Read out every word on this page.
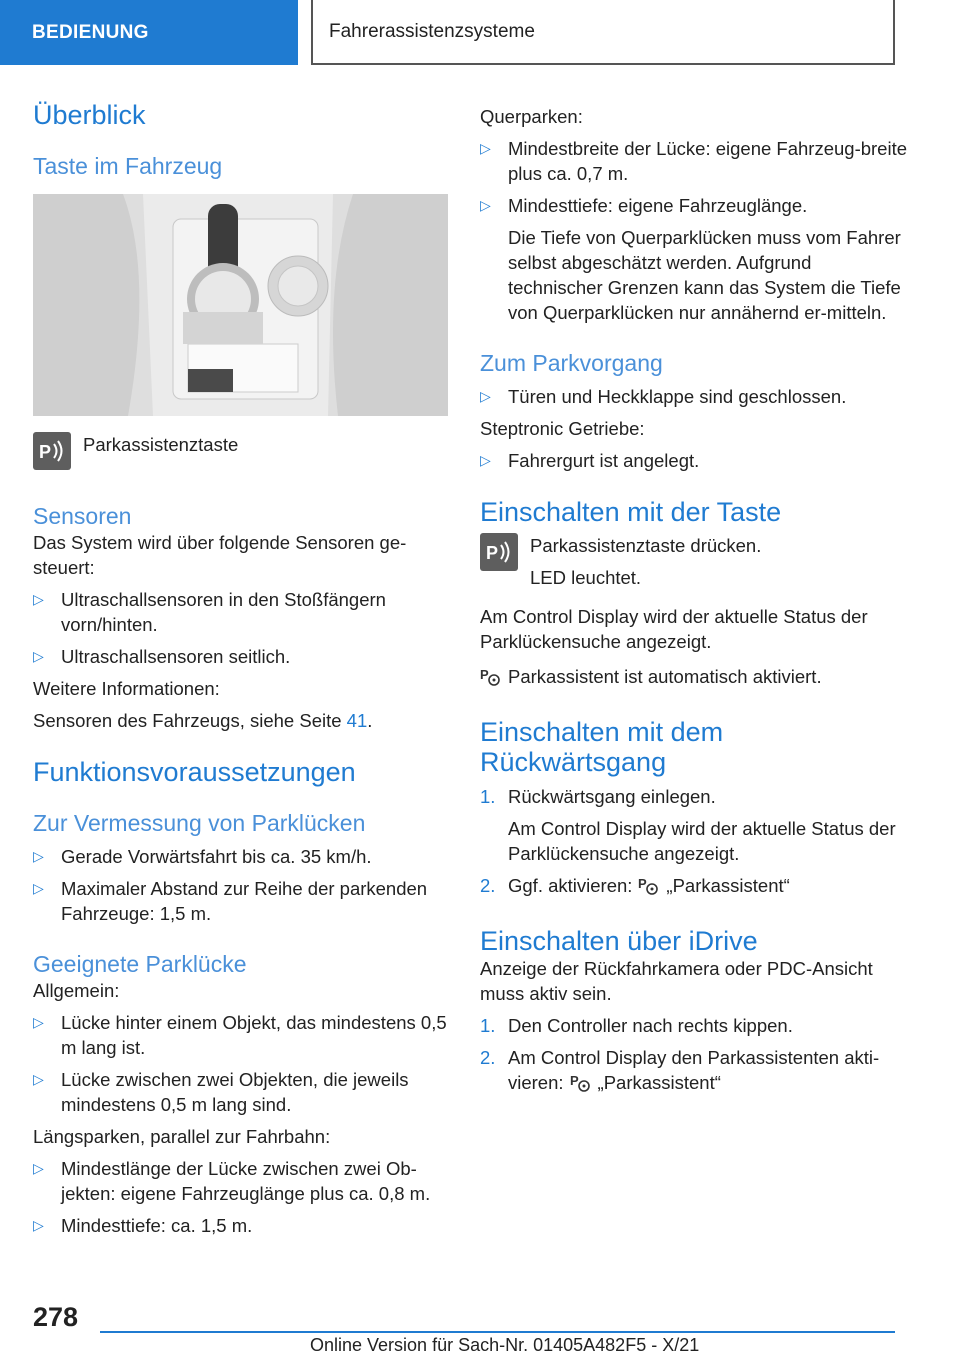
BEDIENUNG	Fahrerassistenzsysteme
Überblick
Taste im Fahrzeug
P Parkassistenztaste

Sensoren

Das System wird über folgende Sensoren ge-steuert:

▷ Ultraschallsensoren in den Stoßfängern vorn/hinten.
▷ Ultraschallsensoren seitlich.

Weitere Informationen:

Sensoren des Fahrzeugs, siehe Seite 41.

Funktionsvoraussetzungen
Zur Vermessung von Parklücken
▷ Gerade Vorwärtsfahrt bis ca. 35 km/h.
▷ Maximaler Abstand zur Reihe der parkenden Fahrzeuge: 1,5 m.
Geeignete Parklücke

Allgemein:

▷ Lücke hinter einem Objekt, das mindestens 0,5 m lang ist.
▷ Lücke zwischen zwei Objekten, die jeweils mindestens 0,5 m lang sind.

Längsparken, parallel zur Fahrbahn:

▷ Mindestlänge der Lücke zwischen zwei Ob-jekten: eigene Fahrzeuglänge plus ca. 0,8 m.
▷ Mindesttiefe: ca. 1,5 m.

Querparken:

▷ Mindestbreite der Lücke: eigene Fahrzeug-breite plus ca. 0,7 m.
▷ Mindesttiefe: eigene Fahrzeuglänge.
Die Tiefe von Querparklücken muss vom Fahrer selbst abgeschätzt werden. Aufgrund technischer Grenzen kann das System die Tiefe von Querparklücken nur annähernd er-mitteln.
Zum Parkvorgang
▷ Türen und Heckklappe sind geschlossen.

Steptronic Getriebe:

▷ Fahrergurt ist angelegt.
Einschalten mit der Taste
P Parkassistenztaste drücken.

LED leuchtet.

Am Control Display wird der aktuelle Status der Parklückensuche angezeigt.

P Parkassistent ist automatisch aktiviert.

Einschalten mit dem Rückwärtsgang
1. Rückwärtsgang einlegen.
Am Control Display wird der aktuelle Status der Parklückensuche angezeigt.
2. Ggf. aktivieren: P „Parkassistent“
Einschalten über iDrive

Anzeige der Rückfahrkamera oder PDC-Ansicht muss aktiv sein.

1. Den Controller nach rechts kippen.
2. Am Control Display den Parkassistenten akti-vieren: P „Parkassistent“
278
Online Version für Sach-Nr. 01405A482F5 - X/21
